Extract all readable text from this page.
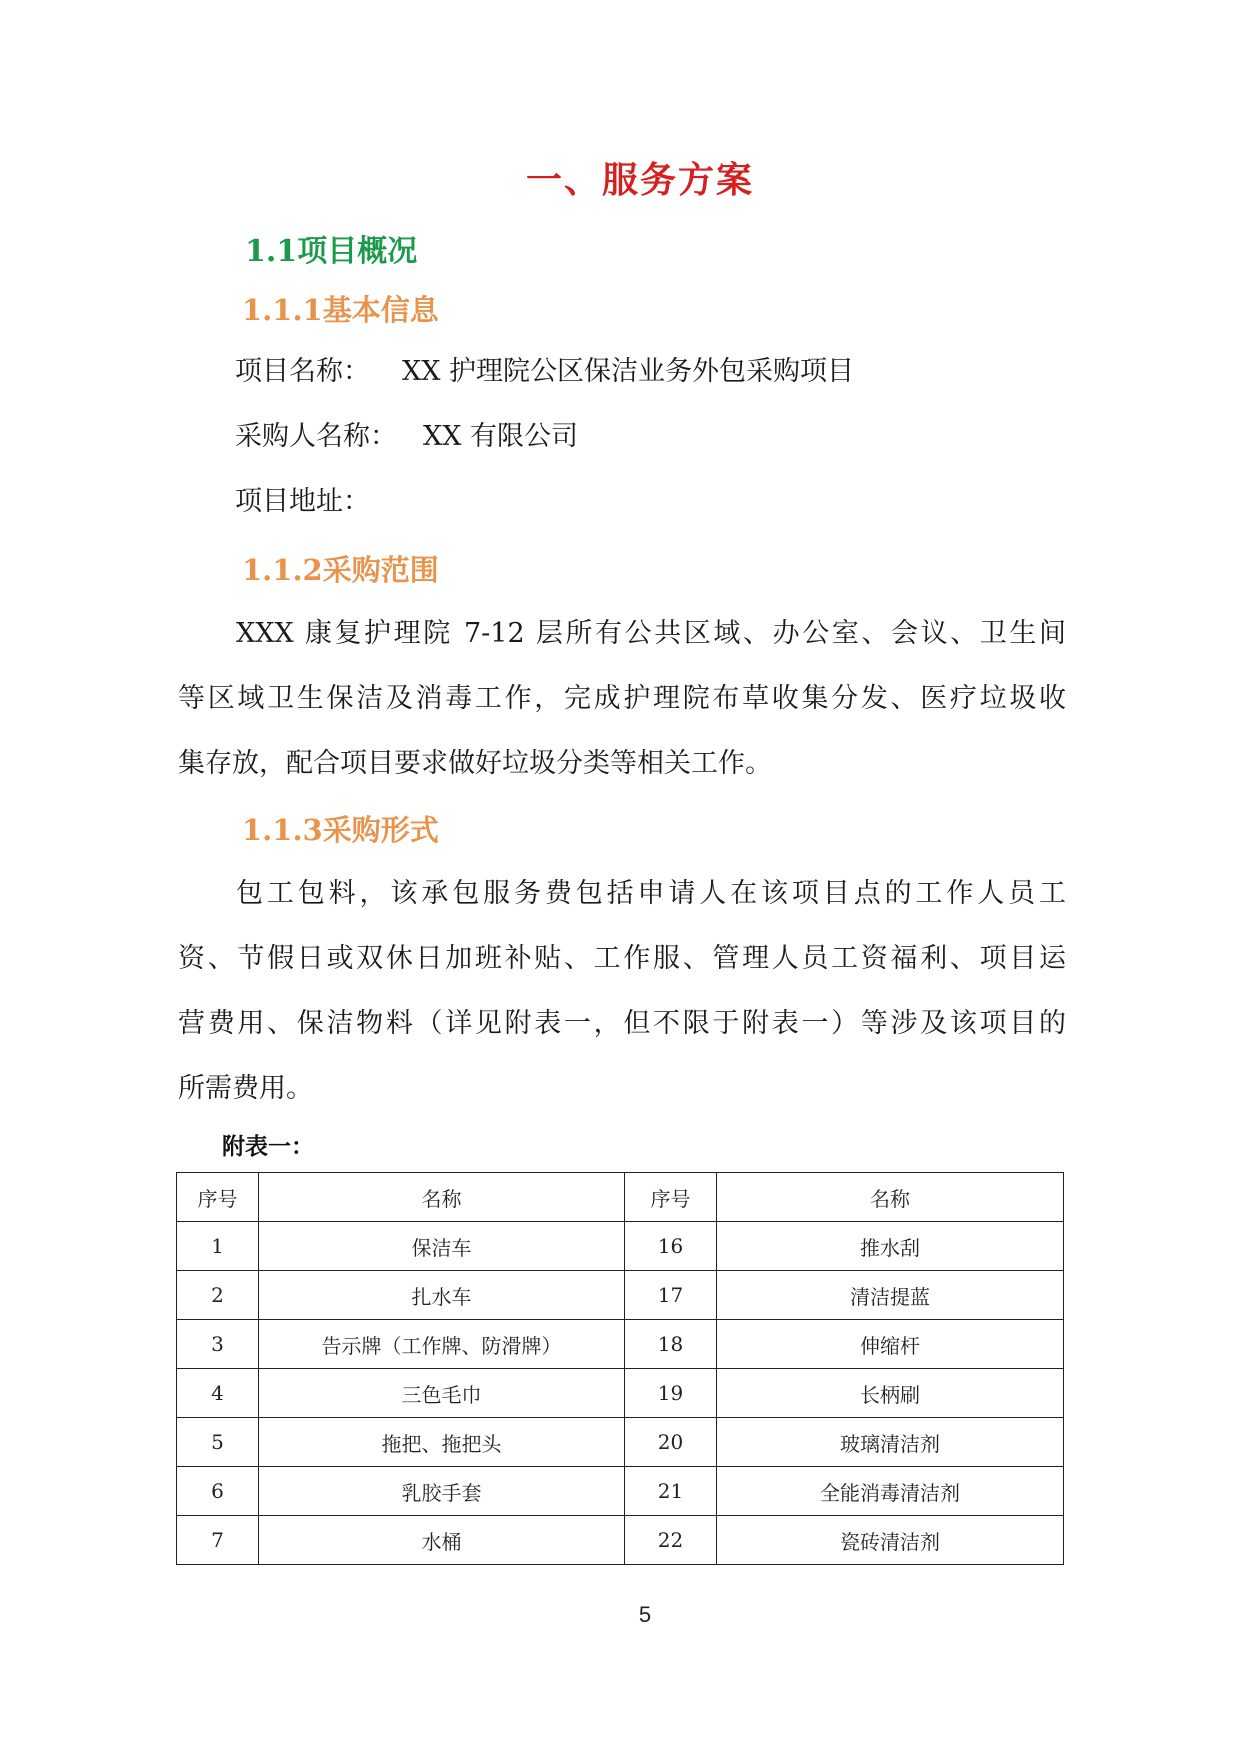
一、服务方案
1.1项目概况
1.1.1基本信息

项目名称： XX 护理院公区保洁业务外包采购项目

采购人名称： XX 有限公司

项目地址：

1.1.2采购范围
XXX 康复护理院 7-12 层所有公共区域、办公室、会议、卫生间
等区域卫生保洁及消毒工作，完成护理院布草收集分发、医疗垃圾收
集存放，配合项目要求做好垃圾分类等相关工作。
1.1.3采购形式
包工包料，该承包服务费包括申请人在该项目点的工作人员工
资、节假日或双休日加班补贴、工作服、管理人员工资福利、项目运
营费用、保洁物料（详见附表一，但不限于附表一）等涉及该项目的
所需费用。

附表一：

序号	名称	序号	名称
1	保洁车	16	推水刮
2	扎水车	17	清洁提蓝
3	告示牌（工作牌、防滑牌）	18	伸缩杆
4	三色毛巾	19	长柄刷
5	拖把、拖把头	20	玻璃清洁剂
6	乳胶手套	21	全能消毒清洁剂
7	水桶	22	瓷砖清洁剂
5
